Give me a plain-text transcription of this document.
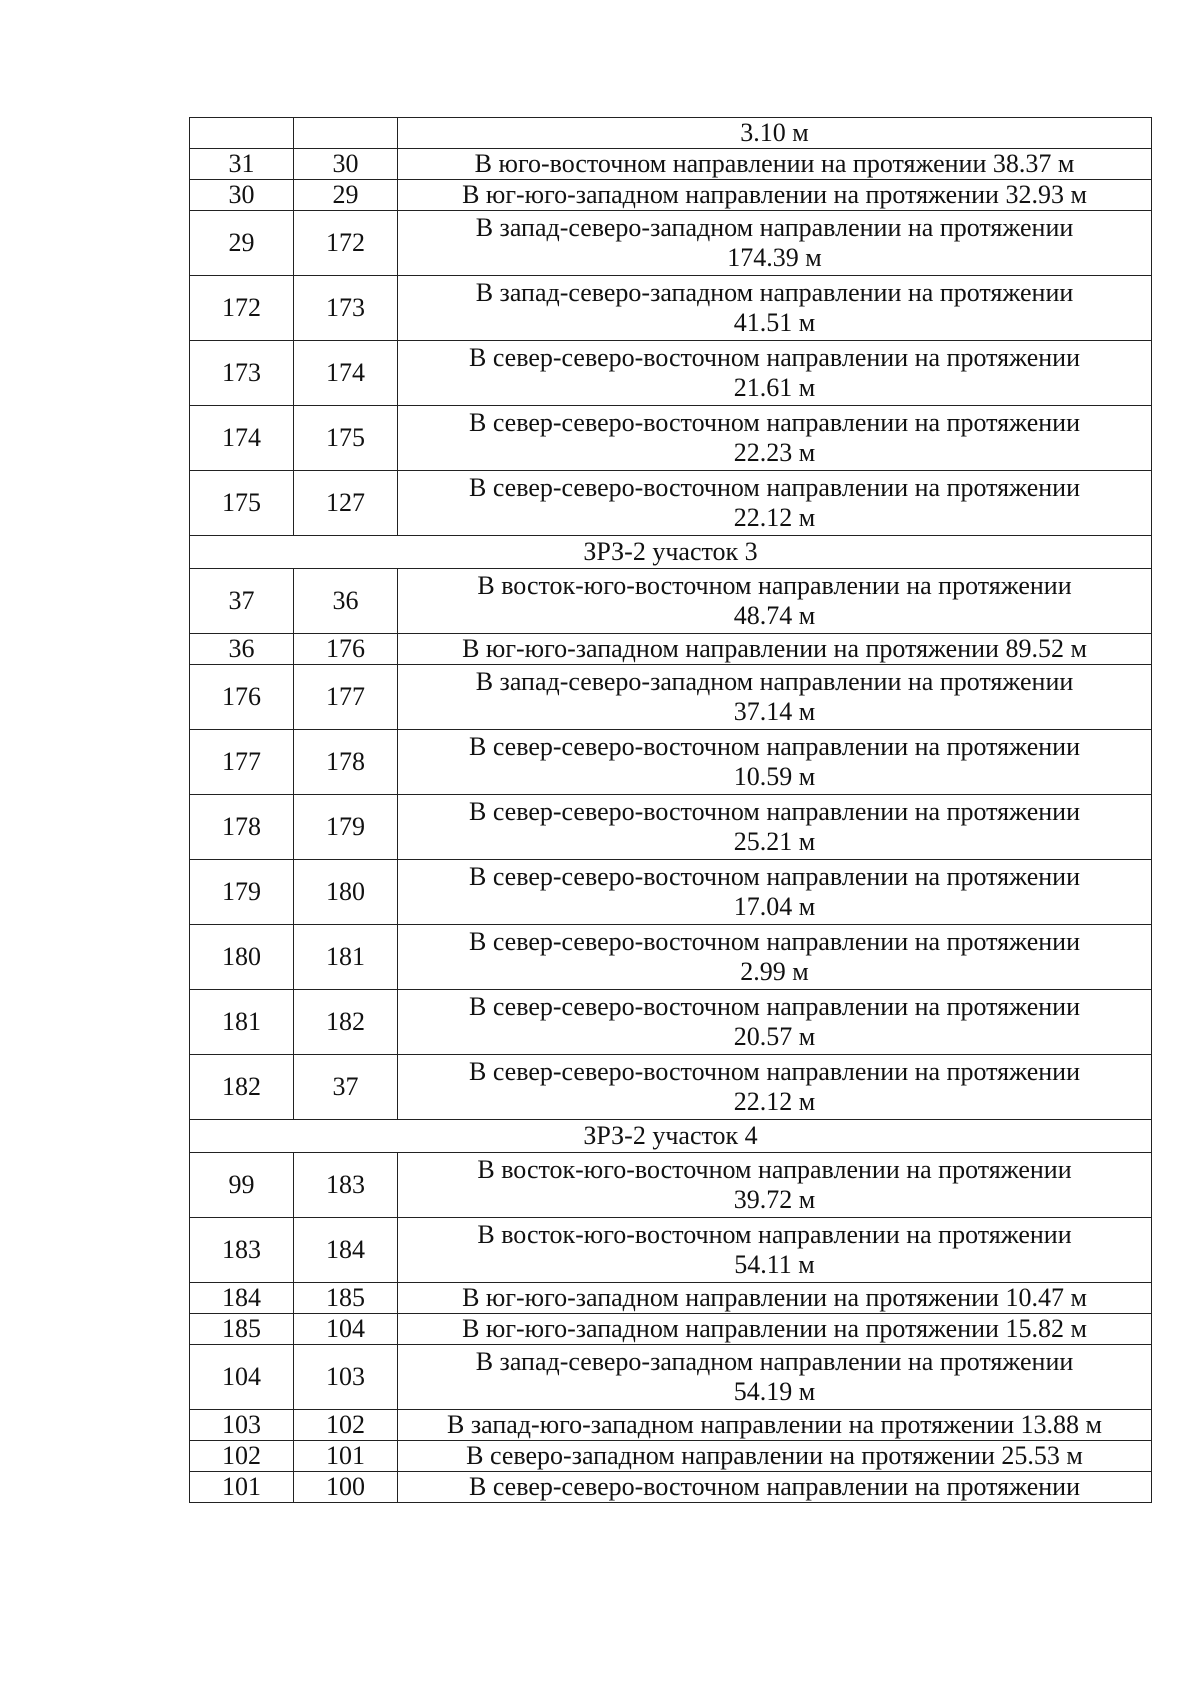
		3.10 м
31	30	В юго-восточном направлении на протяжении 38.37 м
30	29	В юг-юго-западном направлении на протяжении 32.93 м
29	172	В запад-северо-западном направлении на протяжении
174.39 м
172	173	В запад-северо-западном направлении на протяжении
41.51 м
173	174	В север-северо-восточном направлении на протяжении
21.61 м
174	175	В север-северо-восточном направлении на протяжении
22.23 м
175	127	В север-северо-восточном направлении на протяжении
22.12 м
ЗРЗ-2 участок 3		
37	36	В восток-юго-восточном направлении на протяжении
48.74 м
36	176	В юг-юго-западном направлении на протяжении 89.52 м
176	177	В запад-северо-западном направлении на протяжении
37.14 м
177	178	В север-северо-восточном направлении на протяжении
10.59 м
178	179	В север-северо-восточном направлении на протяжении
25.21 м
179	180	В север-северо-восточном направлении на протяжении
17.04 м
180	181	В север-северо-восточном направлении на протяжении
2.99 м
181	182	В север-северо-восточном направлении на протяжении
20.57 м
182	37	В север-северо-восточном направлении на протяжении
22.12 м
ЗРЗ-2 участок 4		
99	183	В восток-юго-восточном направлении на протяжении
39.72 м
183	184	В восток-юго-восточном направлении на протяжении
54.11 м
184	185	В юг-юго-западном направлении на протяжении 10.47 м
185	104	В юг-юго-западном направлении на протяжении 15.82 м
104	103	В запад-северо-западном направлении на протяжении
54.19 м
103	102	В запад-юго-западном направлении на протяжении 13.88 м
102	101	В северо-западном направлении на протяжении 25.53 м
101	100	В север-северо-восточном направлении на протяжении
